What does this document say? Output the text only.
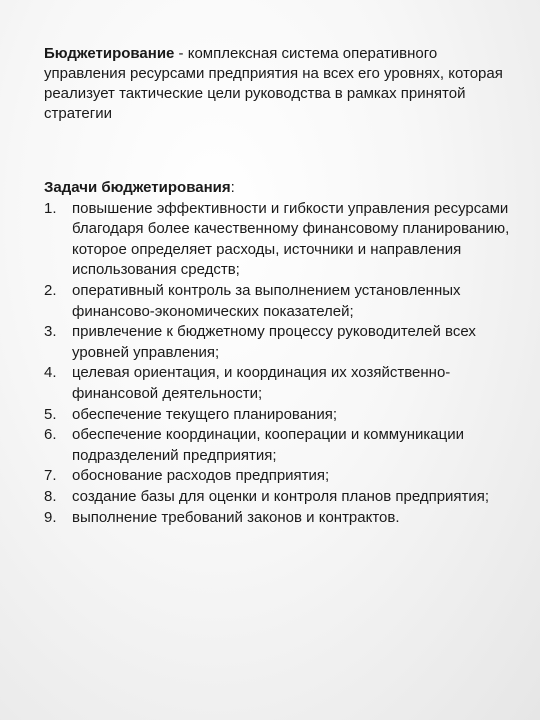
Бюджетирование - комплексная система оперативного управления ресурсами предприятия на всех его уровнях, которая реализует тактические цели руководства в рамках принятой стратегии

Задачи бюджетирования:

1.	повышение эффективности и гибкости управления ресурсами благодаря более качественному финансовому планированию, которое определяет расходы, источники и направления использования средств;
2.	оперативный контроль за выполнением установленных финансово-экономических показателей;
3.	привлечение к бюджетному процессу руководителей всех уровней управления;
4.	целевая ориентация, и координация их хозяйственно-финансовой деятельности;
5.	обеспечение текущего планирования;
6.	обеспечение координации, кооперации и коммуникации подразделений предприятия;
7.	обоснование расходов предприятия;
8.	создание базы для оценки и контроля планов предприятия;
9.	выполнение требований законов и контрактов.
